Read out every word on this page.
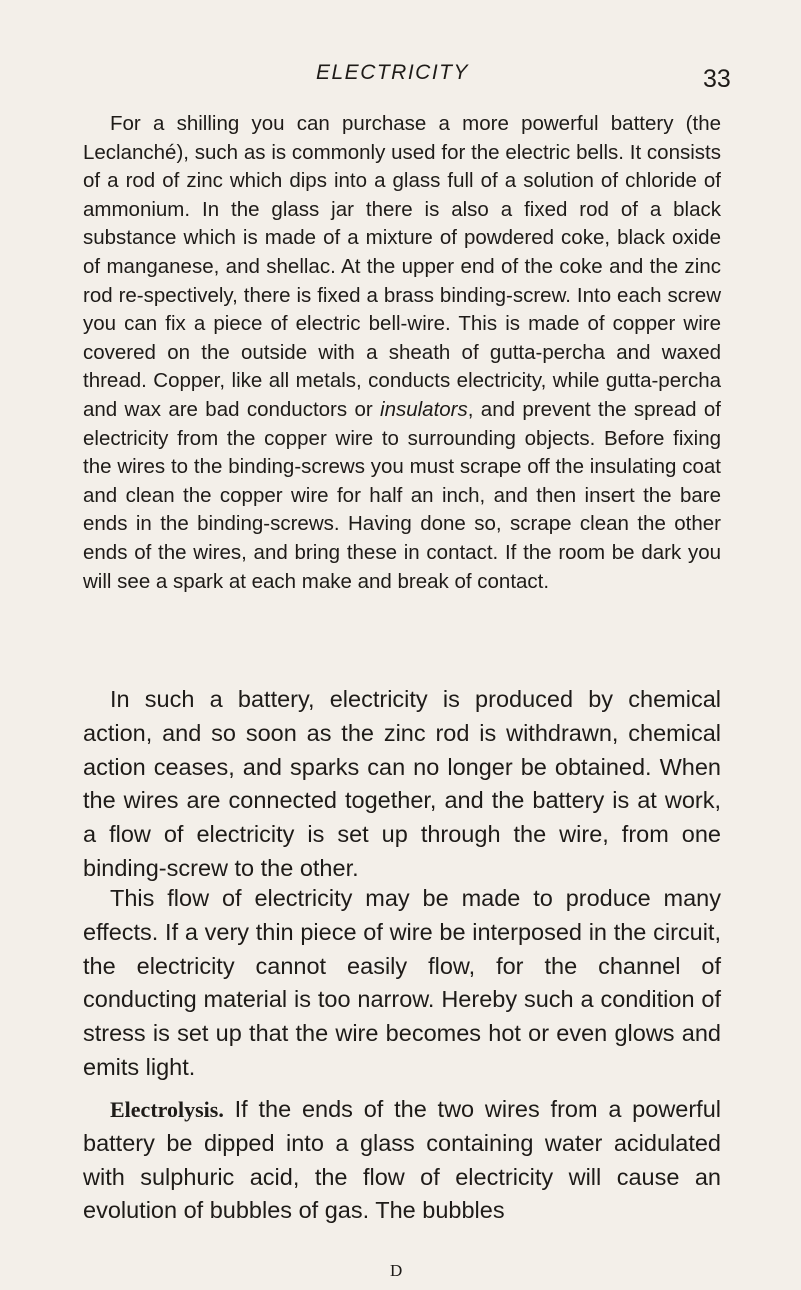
ELECTRICITY	33

For a shilling you can purchase a more powerful battery (the Leclanché), such as is commonly used for the electric bells. It consists of a rod of zinc which dips into a glass full of a solution of chloride of ammonium. In the glass jar there is also a fixed rod of a black substance which is made of a mixture of powdered coke, black oxide of manganese, and shellac. At the upper end of the coke and the zinc rod re-spectively, there is fixed a brass binding-screw. Into each screw you can fix a piece of electric bell-wire. This is made of copper wire covered on the outside with a sheath of gutta-percha and waxed thread. Copper, like all metals, conducts electricity, while gutta-percha and wax are bad conductors or insulators, and prevent the spread of electricity from the copper wire to surrounding objects. Before fixing the wires to the binding-screws you must scrape off the insulating coat and clean the copper wire for half an inch, and then insert the bare ends in the binding-screws. Having done so, scrape clean the other ends of the wires, and bring these in contact. If the room be dark you will see a spark at each make and break of contact.

In such a battery, electricity is produced by chemical action, and so soon as the zinc rod is withdrawn, chemical action ceases, and sparks can no longer be obtained. When the wires are connected together, and the battery is at work, a flow of electricity is set up through the wire, from one binding-screw to the other.

This flow of electricity may be made to produce many effects. If a very thin piece of wire be interposed in the circuit, the electricity cannot easily flow, for the channel of conducting material is too narrow. Hereby such a condition of stress is set up that the wire becomes hot or even glows and emits light.

Electrolysis. If the ends of the two wires from a powerful battery be dipped into a glass containing water acidulated with sulphuric acid, the flow of electricity will cause an evolution of bubbles of gas. The bubbles

D
